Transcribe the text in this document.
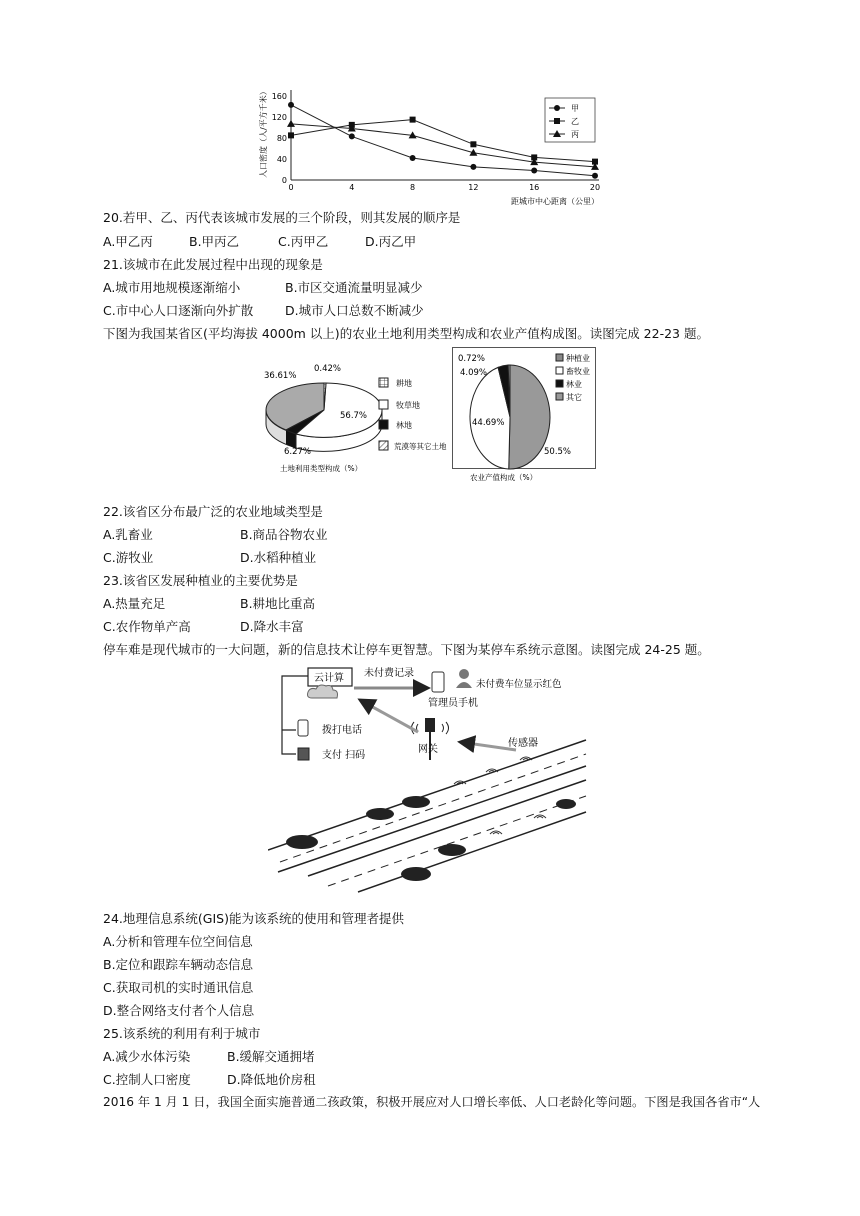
0
40
80
120
160
0	4	8	12	16	20
人口密度（人/平方千米）
距城市中心距离（公里）
甲
乙
丙
20.若甲、乙、丙代表该城市发展的三个阶段，则其发展的顺序是
A.甲乙丙	B.甲丙乙	C.丙甲乙	D.丙乙甲
21.该城市在此发展过程中出现的现象是
A.城市用地规模逐渐缩小	B.市区交通流量明显减少
C.市中心人口逐渐向外扩散	D.城市人口总数不断减少
下图为我国某省区(平均海拔 4000m 以上)的农业土地利用类型构成和农业产值构成图。读图完成 22-23 题。
36.61%
0.42%
56.7%
6.27%
耕地
牧草地
林地
荒漠等其它土地
土地利用类型构成（%）
0.72%
4.09%
44.69%
50.5%
种植业
畜牧业
林业
其它
农业产值构成（%）
22.该省区分布最广泛的农业地域类型是
A.乳畜业	B.商品谷物农业
C.游牧业	D.水稻种植业
23.该省区发展种植业的主要优势是
A.热量充足	B.耕地比重高
C.农作物单产高	D.降水丰富
停车难是现代城市的一大问题，新的信息技术让停车更智慧。下图为某停车系统示意图。读图完成 24-25 题。
云计算
拨打电话
支付 扫码
未付费记录
管理员手机
未付费车位显示红色
网关
传感器
24.地理信息系统(GIS)能为该系统的使用和管理者提供
A.分析和管理车位空间信息
B.定位和跟踪车辆动态信息
C.获取司机的实时通讯信息
D.整合网络支付者个人信息
25.该系统的利用有利于城市
A.减少水体污染	B.缓解交通拥堵
C.控制人口密度	D.降低地价房租
2016 年 1 月 1 日，我国全面实施普通二孩政策，积极开展应对人口增长率低、人口老龄化等问题。下图是我国各省市“人
